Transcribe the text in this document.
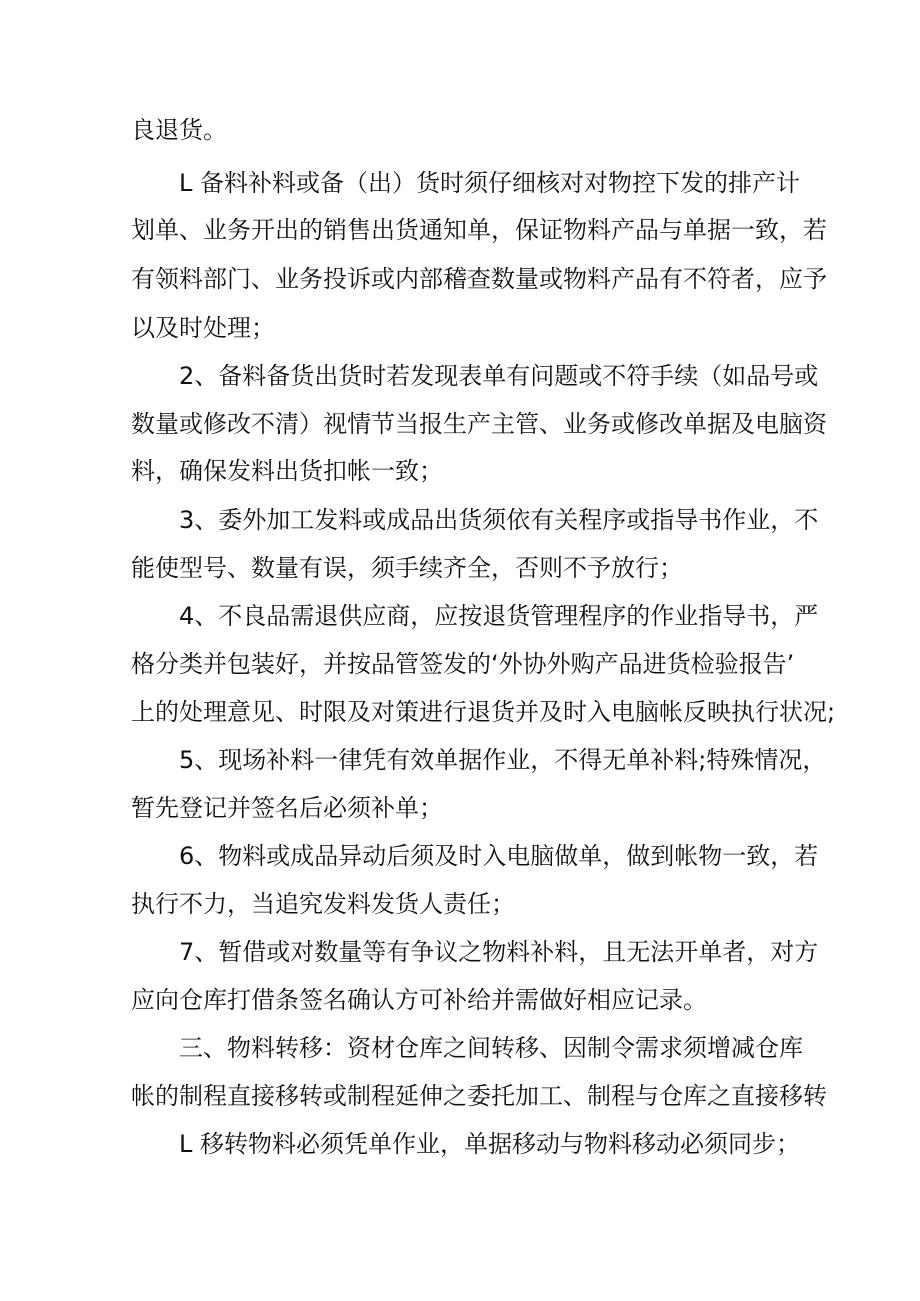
良退货。
L 备料补料或备（出）货时须仔细核对对物控下发的排产计
划单、业务开出的销售出货通知单，保证物料产品与单据一致，若
有领料部门、业务投诉或内部稽查数量或物料产品有不符者，应予
以及时处理；
2、备料备货出货时若发现表单有问题或不符手续（如品号或
数量或修改不清）视情节当报生产主管、业务或修改单据及电脑资
料，确保发料出货扣帐一致；
3、委外加工发料或成品出货须依有关程序或指导书作业，不
能使型号、数量有误，须手续齐全，否则不予放行；
4、不良品需退供应商，应按退货管理程序的作业指导书，严
格分类并包装好，并按品管签发的‘外协外购产品进货检验报告’
上的处理意见、时限及对策进行退货并及时入电脑帐反映执行状况;
5、现场补料一律凭有效单据作业，不得无单补料;特殊情况，
暂先登记并签名后必须补单；
6、物料或成品异动后须及时入电脑做单，做到帐物一致，若
执行不力，当追究发料发货人责任；
7、暂借或对数量等有争议之物料补料，且无法开单者，对方
应向仓库打借条签名确认方可补给并需做好相应记录。
三、物料转移：资材仓库之间转移、因制令需求须增减仓库
帐的制程直接移转或制程延伸之委托加工、制程与仓库之直接移转
L 移转物料必须凭单作业，单据移动与物料移动必须同步；
